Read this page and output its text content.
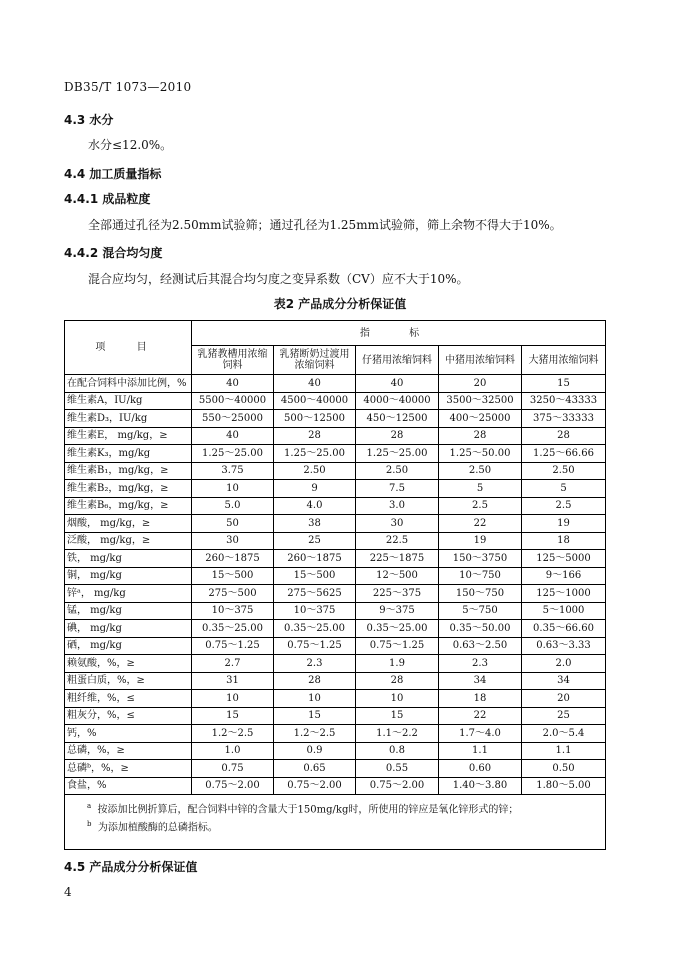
DB35/T 1073—2010
4.3 水分
水分≤12.0%。
4.4 加工质量指标
4.4.1 成品粒度
全部通过孔径为2.50mm试验筛；通过孔径为1.25mm试验筛，筛上余物不得大于10%。
4.4.2 混合均匀度
混合应均匀，经测试后其混合均匀度之变异系数（CV）应不大于10%。
表2 产品成分分析保证值
项 目	指 标				
	乳猪教槽用浓缩饲料	乳猪断奶过渡用浓缩饲料	仔猪用浓缩饲料	中猪用浓缩饲料	大猪用浓缩饲料
在配合饲料中添加比例，%	40	40	40	20	15
维生素A，IU/kg	5500～40000	4500～40000	4000～40000	3500～32500	3250～43333
维生素D₃，IU/kg	550～25000	500～12500	450～12500	400～25000	375～33333
维生素E， mg/kg，≥	40	28	28	28	28
维生素K₃，mg/kg	1.25～25.00	1.25～25.00	1.25～25.00	1.25～50.00	1.25～66.66
维生素B₁，mg/kg，≥	3.75	2.50	2.50	2.50	2.50
维生素B₂，mg/kg，≥	10	9	7.5	5	5
维生素B₆，mg/kg，≥	5.0	4.0	3.0	2.5	2.5
烟酸， mg/kg，≥	50	38	30	22	19
泛酸， mg/kg，≥	30	25	22.5	19	18
铁， mg/kg	260～1875	260～1875	225～1875	150～3750	125～5000
铜， mg/kg	15～500	15～500	12～500	10～750	9～166
锌ᵃ， mg/kg	275～500	275～5625	225～375	150～750	125～1000
锰， mg/kg	10～375	10～375	9～375	5～750	5～1000
碘， mg/kg	0.35～25.00	0.35～25.00	0.35～25.00	0.35～50.00	0.35～66.60
硒， mg/kg	0.75～1.25	0.75～1.25	0.75～1.25	0.63～2.50	0.63～3.33
赖氨酸，%，≥	2.7	2.3	1.9	2.3	2.0
粗蛋白质，%，≥	31	28	28	34	34
粗纤维，%，≤	10	10	10	18	20
粗灰分，%，≤	15	15	15	22	25
钙，%	1.2～2.5	1.2～2.5	1.1～2.2	1.7～4.0	2.0～5.4
总磷，%，≥	1.0	0.9	0.8	1.1	1.1
总磷ᵇ，%，≥	0.75	0.65	0.55	0.60	0.50
食盐，%	0.75～2.00	0.75～2.00	0.75～2.00	1.40～3.80	1.80～5.00

$^a$ 按添加比例折算后，配合饲料中锌的含量大于150mg/kg时，所使用的锌应是氧化锌形式的锌；
$^b$ 为添加植酸酶的总磷指标。					
4.5 产品成分分析保证值
4
